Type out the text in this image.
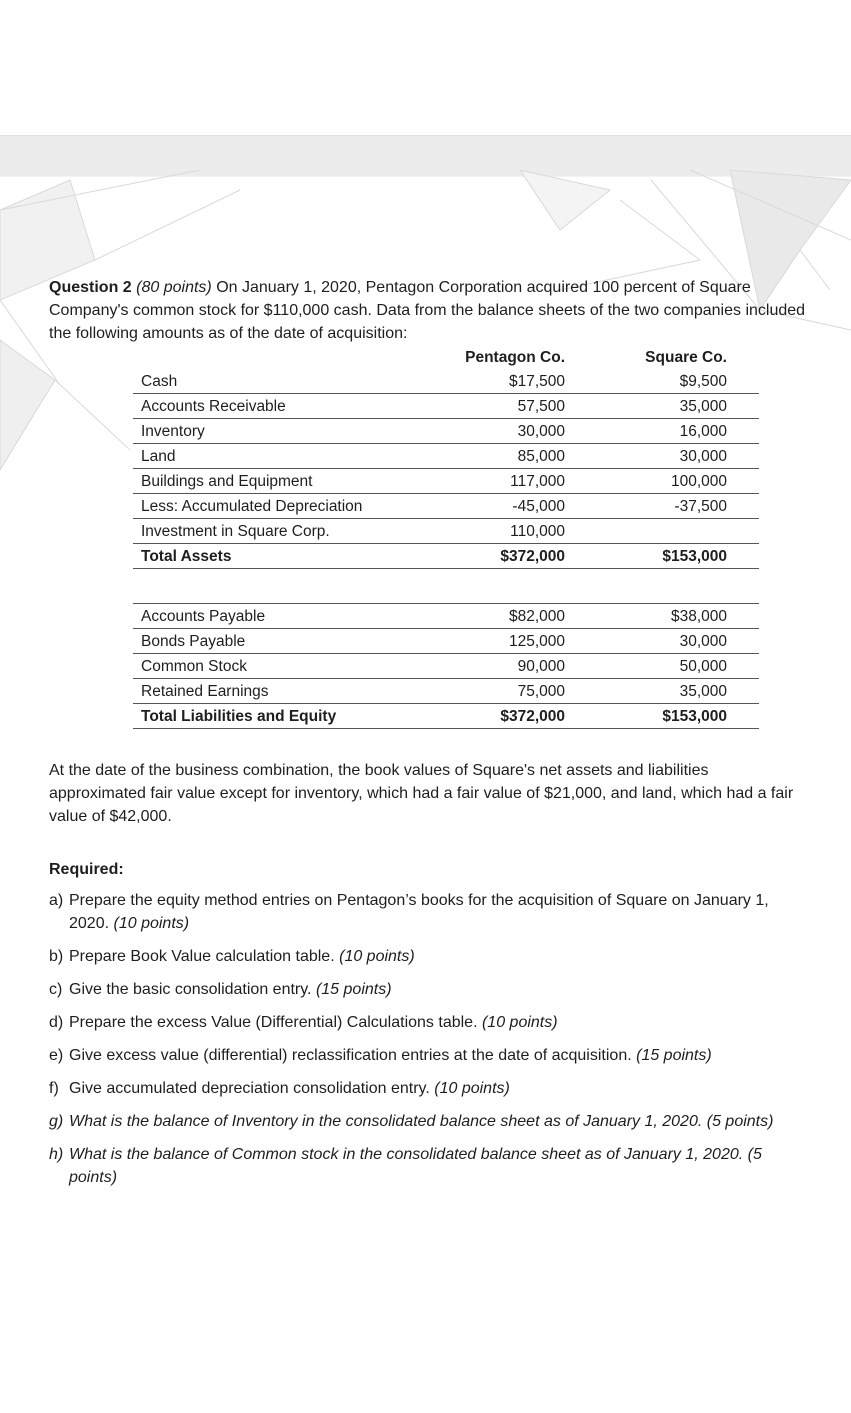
Question 2 (80 points) On January 1, 2020, Pentagon Corporation acquired 100 percent of Square Company's common stock for $110,000 cash. Data from the balance sheets of the two companies included the following amounts as of the date of acquisition:
	Pentagon Co.	Square Co.
Cash	$17,500	$9,500
Accounts Receivable	57,500	35,000
Inventory	30,000	16,000
Land	85,000	30,000
Buildings and Equipment	117,000	100,000
Less: Accumulated Depreciation	-45,000	-37,500
Investment in Square Corp.	110,000	
Total Assets	$372,000	$153,000

Accounts Payable	$82,000	$38,000
Bonds Payable	125,000	30,000
Common Stock	90,000	50,000
Retained Earnings	75,000	35,000
Total Liabilities and Equity	$372,000	$153,000
At the date of the business combination, the book values of Square's net assets and liabilities approximated fair value except for inventory, which had a fair value of $21,000, and land, which had a fair value of $42,000.
Required:
a) Prepare the equity method entries on Pentagon’s books for the acquisition of Square on January 1, 2020. (10 points)
b) Prepare Book Value calculation table. (10 points)
c) Give the basic consolidation entry. (15 points)
d) Prepare the excess Value (Differential) Calculations table. (10 points)
e) Give excess value (differential) reclassification entries at the date of acquisition. (15 points)
f) Give accumulated depreciation consolidation entry. (10 points)
g) What is the balance of Inventory in the consolidated balance sheet as of January 1, 2020. (5 points)
h) What is the balance of Common stock in the consolidated balance sheet as of January 1, 2020. (5 points)
